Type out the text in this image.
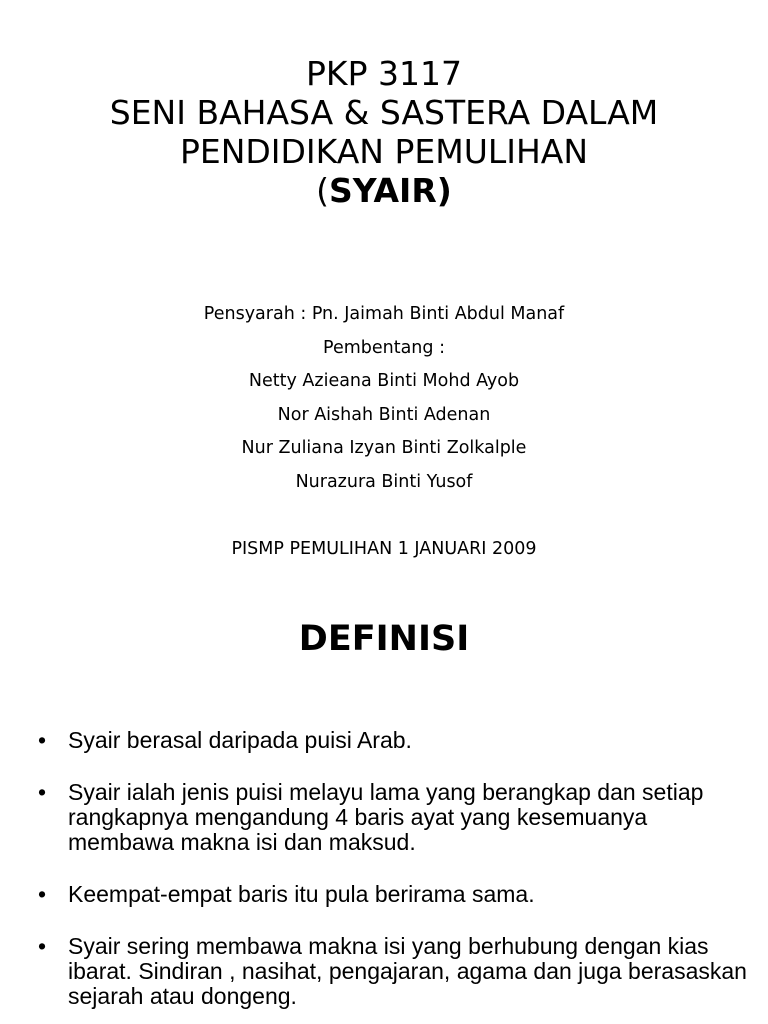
PKP 3117
SENI BAHASA & SASTERA DALAM
PENDIDIKAN PEMULIHAN
(SYAIR)
Pensyarah : Pn. Jaimah Binti Abdul Manaf
Pembentang :
Netty Azieana Binti Mohd Ayob
Nor Aishah Binti Adenan
Nur Zuliana Izyan Binti Zolkalple
Nurazura Binti Yusof
PISMP PEMULIHAN 1 JANUARI 2009
DEFINISI
• Syair berasal daripada puisi Arab.
• Syair ialah jenis puisi melayu lama yang berangkap dan setiap rangkapnya mengandung 4 baris ayat yang kesemuanya membawa makna isi dan maksud.
• Keempat-empat baris itu pula berirama sama.
• Syair sering membawa makna isi yang berhubung dengan kias ibarat. Sindiran , nasihat, pengajaran, agama dan juga berasaskan sejarah atau dongeng.
